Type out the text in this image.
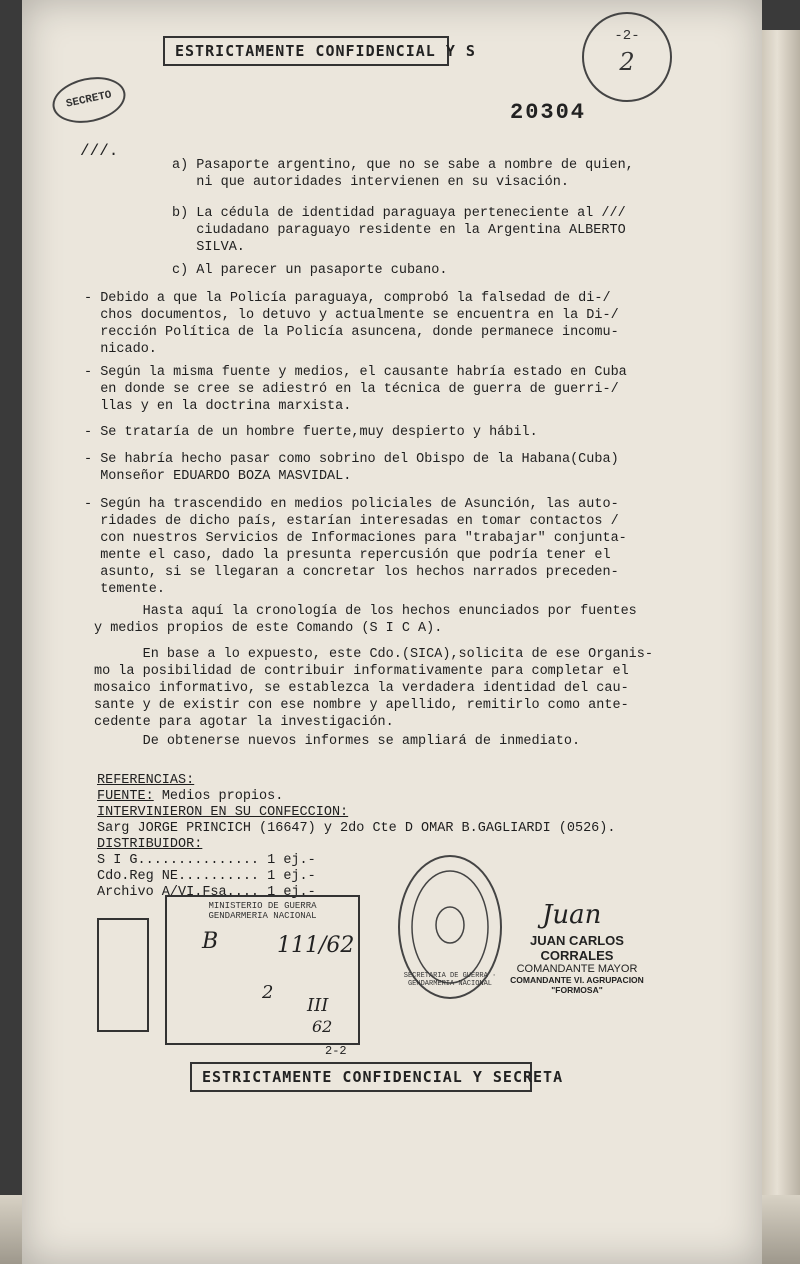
SECRETO
///.
ESTRICTAMENTE CONFIDENCIAL Y S
-2-
2
20304
a) Pasaporte argentino, que no se sabe a nombre de quien,
ni que autoridades intervienen en su visación.
b) La cédula de identidad paraguaya perteneciente al ///
ciudadano paraguayo residente en la Argentina ALBERTO
SILVA.
c) Al parecer un pasaporte cubano.
- Debido a que la Policía paraguaya, comprobó la falsedad de di-/
chos documentos, lo detuvo y actualmente se encuentra en la Di-/
rección Política de la Policía asuncena, donde permanece incomu-
nicado.
- Según la misma fuente y medios, el causante habría estado en Cuba
en donde se cree se adiestró en la técnica de guerra de guerri-/
llas y en la doctrina marxista.
- Se trataría de un hombre fuerte,muy despierto y hábil.
- Se habría hecho pasar como sobrino del Obispo de la Habana(Cuba)
Monseñor EDUARDO BOZA MASVIDAL.
- Según ha trascendido en medios policiales de Asunción, las auto-
ridades de dicho país, estarían interesadas en tomar contactos /
con nuestros Servicios de Informaciones para "trabajar" conjunta-
mente el caso, dado la presunta repercusión que podría tener el
asunto, si se llegaran a concretar los hechos narrados preceden-
temente.
Hasta aquí la cronología de los hechos enunciados por fuentes
y medios propios de este Comando (S I C A).
En base a lo expuesto, este Cdo.(SICA),solicita de ese Organis-
mo la posibilidad de contribuir informativamente para completar el
mosaico informativo, se establezca la verdadera identidad del cau-
sante y de existir con ese nombre y apellido, remitirlo como ante-
cedente para agotar la investigación.
De obtenerse nuevos informes se ampliará de inmediato.
REFERENCIAS:
FUENTE: Medios propios.
INTERVINIERON EN SU CONFECCION:
Sarg JORGE PRINCICH (16647) y 2do Cte D OMAR B.GAGLIARDI (0526).
DISTRIBUIDOR:
S I G............... 1 ej.-
Cdo.Reg NE.......... 1 ej.-
Archivo A/VI.Fsa.... 1 ej.-
MINISTERIO DE GUERRA
GENDARMERIA NACIONAL
B	111/62
2
III
62
SECRETARIA DE GUERRA · GENDARMERIA NACIONAL
Juan
JUAN CARLOS CORRALES
COMANDANTE MAYOR
COMANDANTE VI. AGRUPACION "FORMOSA"
2-2
ESTRICTAMENTE CONFIDENCIAL Y SECRETA
